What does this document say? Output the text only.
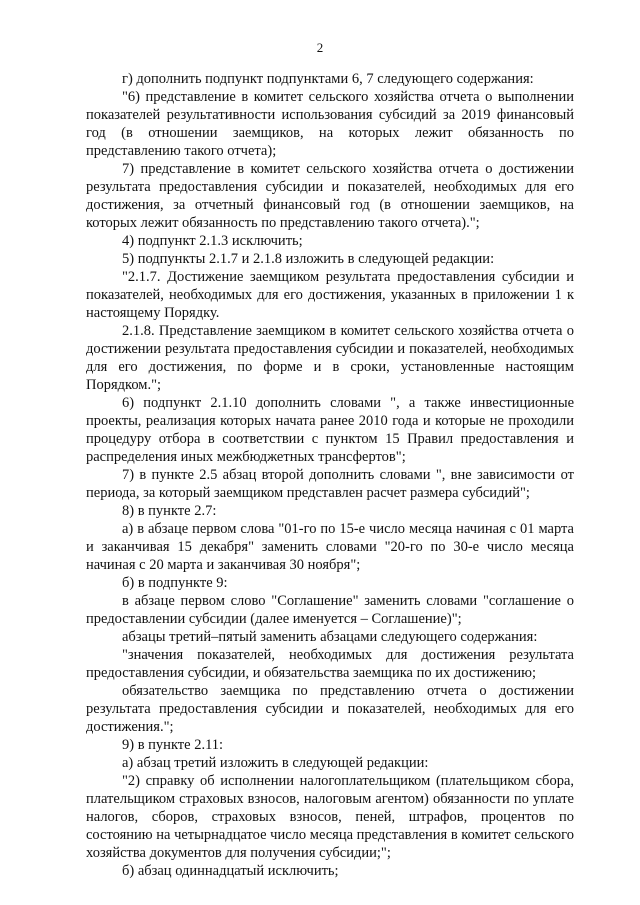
2

г) дополнить подпункт подпунктами 6, 7 следующего содержания:

"6) представление в комитет сельского хозяйства отчета о выполнении показателей результативности использования субсидий за 2019 финансовый год (в отношении заемщиков, на которых лежит обязанность по представлению такого отчета);

7) представление в комитет сельского хозяйства отчета о достижении результата предоставления субсидии и показателей, необходимых для его достижения, за отчетный финансовый год (в отношении заемщиков, на которых лежит обязанность по представлению такого отчета).";

4) подпункт 2.1.3 исключить;

5) подпункты 2.1.7 и 2.1.8 изложить в следующей редакции:

"2.1.7. Достижение заемщиком результата предоставления субсидии и показателей, необходимых для его достижения, указанных в приложении 1 к настоящему Порядку.

2.1.8. Представление заемщиком в комитет сельского хозяйства отчета о достижении результата предоставления субсидии и показателей, необходимых для его достижения, по форме и в сроки, установленные настоящим Порядком.";

6) подпункт 2.1.10 дополнить словами ", а также инвестиционные проекты, реализация которых начата ранее 2010 года и которые не проходили процедуру отбора в соответствии с пунктом 15 Правил предоставления и распределения иных межбюджетных трансфертов";

7) в пункте 2.5 абзац второй дополнить словами ", вне зависимости от периода, за который заемщиком представлен расчет размера субсидий";

8) в пункте 2.7:

а) в абзаце первом слова "01-го по 15-е число месяца начиная с 01 марта и заканчивая 15 декабря" заменить словами "20-го по 30-е число месяца начиная с 20 марта и заканчивая 30 ноября";

б) в подпункте 9:

в абзаце первом слово "Соглашение" заменить словами "соглашение о предоставлении субсидии (далее именуется – Соглашение)";

абзацы третий–пятый заменить абзацами следующего содержания:

"значения показателей, необходимых для достижения результата предоставления субсидии, и обязательства заемщика по их достижению;

обязательство заемщика по представлению отчета о достижении результата предоставления субсидии и показателей, необходимых для его достижения.";

9) в пункте 2.11:

а) абзац третий изложить в следующей редакции:

"2) справку об исполнении налогоплательщиком (плательщиком сбора, плательщиком страховых взносов, налоговым агентом) обязанности по уплате налогов, сборов, страховых взносов, пеней, штрафов, процентов по состоянию на четырнадцатое число месяца представления в комитет сельского хозяйства документов для получения субсидии;";

б) абзац одиннадцатый исключить;
